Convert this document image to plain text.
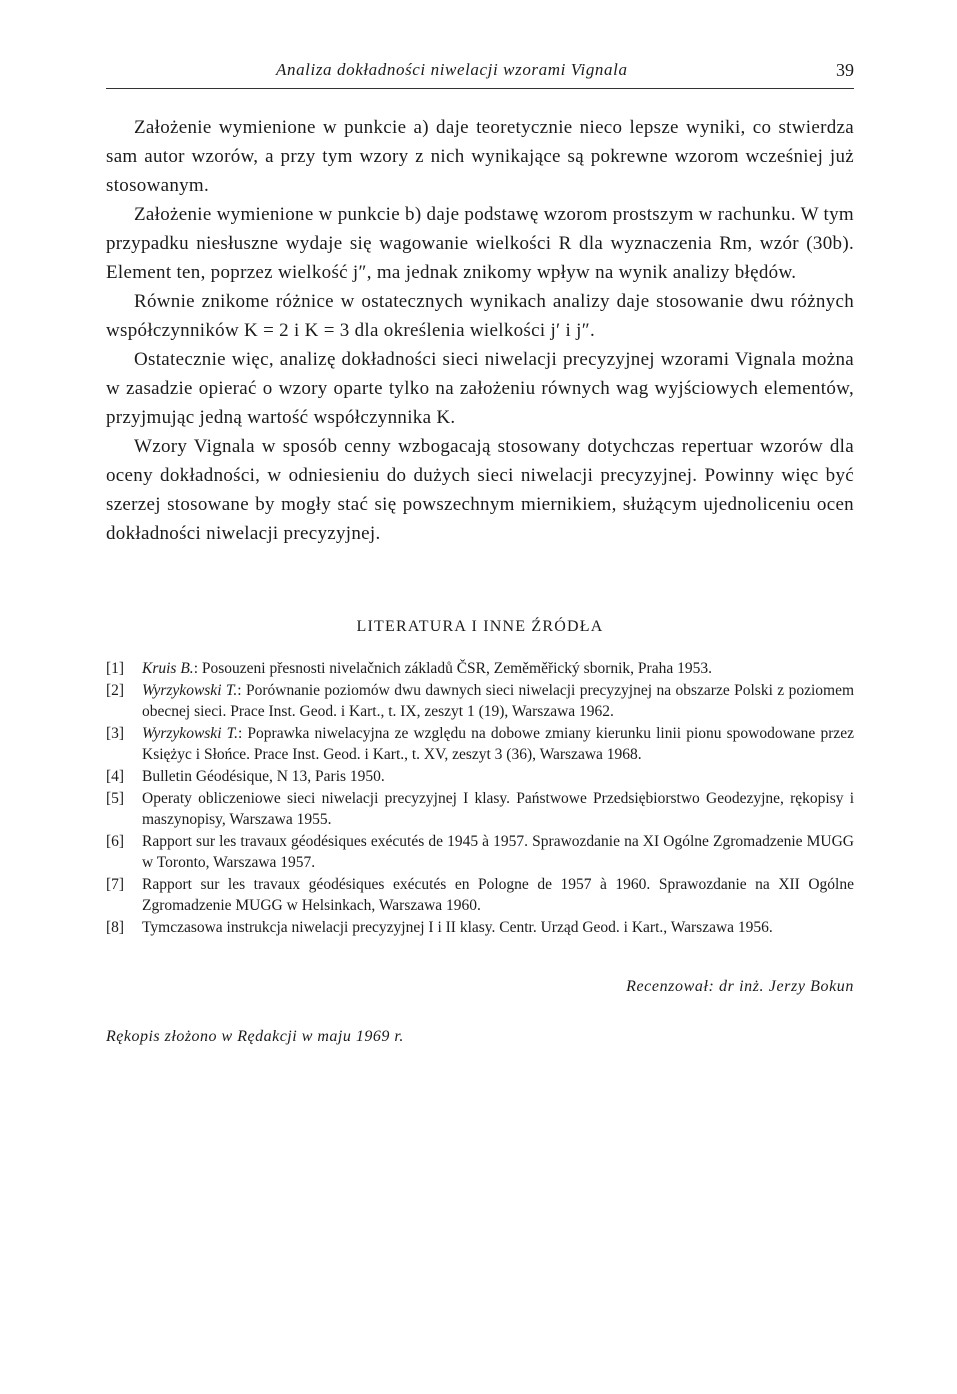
Analiza dokładności niwelacji wzorami Vignala	39

Założenie wymienione w punkcie a) daje teoretycznie nieco lepsze wyniki, co stwierdza sam autor wzorów, a przy tym wzory z nich wynikające są pokrewne wzorom wcześniej już stosowanym.

Założenie wymienione w punkcie b) daje podstawę wzorom prostszym w rachunku. W tym przypadku niesłuszne wydaje się wagowanie wielkości R dla wyznaczenia Rm, wzór (30b). Element ten, poprzez wielkość j″, ma jednak znikomy wpływ na wynik analizy błędów.

Równie znikome różnice w ostatecznych wynikach analizy daje stosowanie dwu różnych współczynników K = 2 i K = 3 dla określenia wielkości j′ i j″.

Ostatecznie więc, analizę dokładności sieci niwelacji precyzyjnej wzorami Vignala można w zasadzie opierać o wzory oparte tylko na założeniu równych wag wyjściowych elementów, przyjmując jedną wartość współczynnika K.

Wzory Vignala w sposób cenny wzbogacają stosowany dotychczas repertuar wzorów dla oceny dokładności, w odniesieniu do dużych sieci niwelacji precyzyjnej. Powinny więc być szerzej stosowane by mogły stać się powszechnym miernikiem, służącym ujednoliceniu ocen dokładności niwelacji precyzyjnej.

LITERATURA I INNE ŹRÓDŁA
[1]	Kruis B.: Posouzeni přesnosti nivelačnich základů ČSR, Zeměměřický sbornik, Praha 1953.
[2]	Wyrzykowski T.: Porównanie poziomów dwu dawnych sieci niwelacji precyzyjnej na obszarze Polski z poziomem obecnej sieci. Prace Inst. Geod. i Kart., t. IX, zeszyt 1 (19), Warszawa 1962.
[3]	Wyrzykowski T.: Poprawka niwelacyjna ze względu na dobowe zmiany kierunku linii pionu spowodowane przez Księżyc i Słońce. Prace Inst. Geod. i Kart., t. XV, zeszyt 3 (36), Warszawa 1968.
[4]	Bulletin Géodésique, N 13, Paris 1950.
[5]	Operaty obliczeniowe sieci niwelacji precyzyjnej I klasy. Państwowe Przedsiębiorstwo Geodezyjne, rękopisy i maszynopisy, Warszawa 1955.
[6]	Rapport sur les travaux géodésiques exécutés de 1945 à 1957. Sprawozdanie na XI Ogólne Zgromadzenie MUGG w Toronto, Warszawa 1957.
[7]	Rapport sur les travaux géodésiques exécutés en Pologne de 1957 à 1960. Sprawozdanie na XII Ogólne Zgromadzenie MUGG w Helsinkach, Warszawa 1960.
[8]	Tymczasowa instrukcja niwelacji precyzyjnej I i II klasy. Centr. Urząd Geod. i Kart., Warszawa 1956.
Recenzował: dr inż. Jerzy Bokun
Rękopis złożono w Rędakcji w maju 1969 r.
